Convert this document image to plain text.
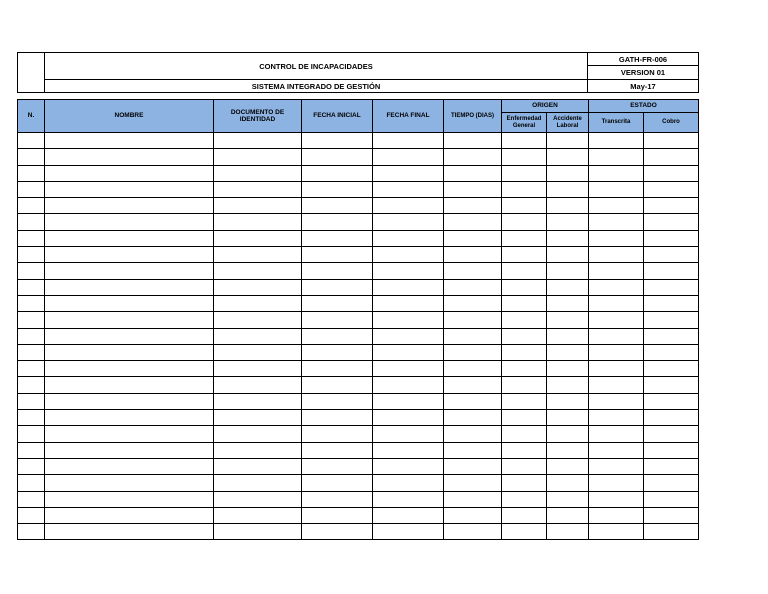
	CONTROL DE INCAPACIDADES	GATH-FR-006
		VERSION 01
	SISTEMA INTEGRADO DE GESTIÓN	May-17
N.	NOMBRE	DOCUMENTO DE IDENTIDAD	FECHA INICIAL	FECHA FINAL	TIEMPO (DIAS)	ORIGEN		ESTADO	
						Enfermedad General	Accidente Laboral	Transcrita	Cobro
